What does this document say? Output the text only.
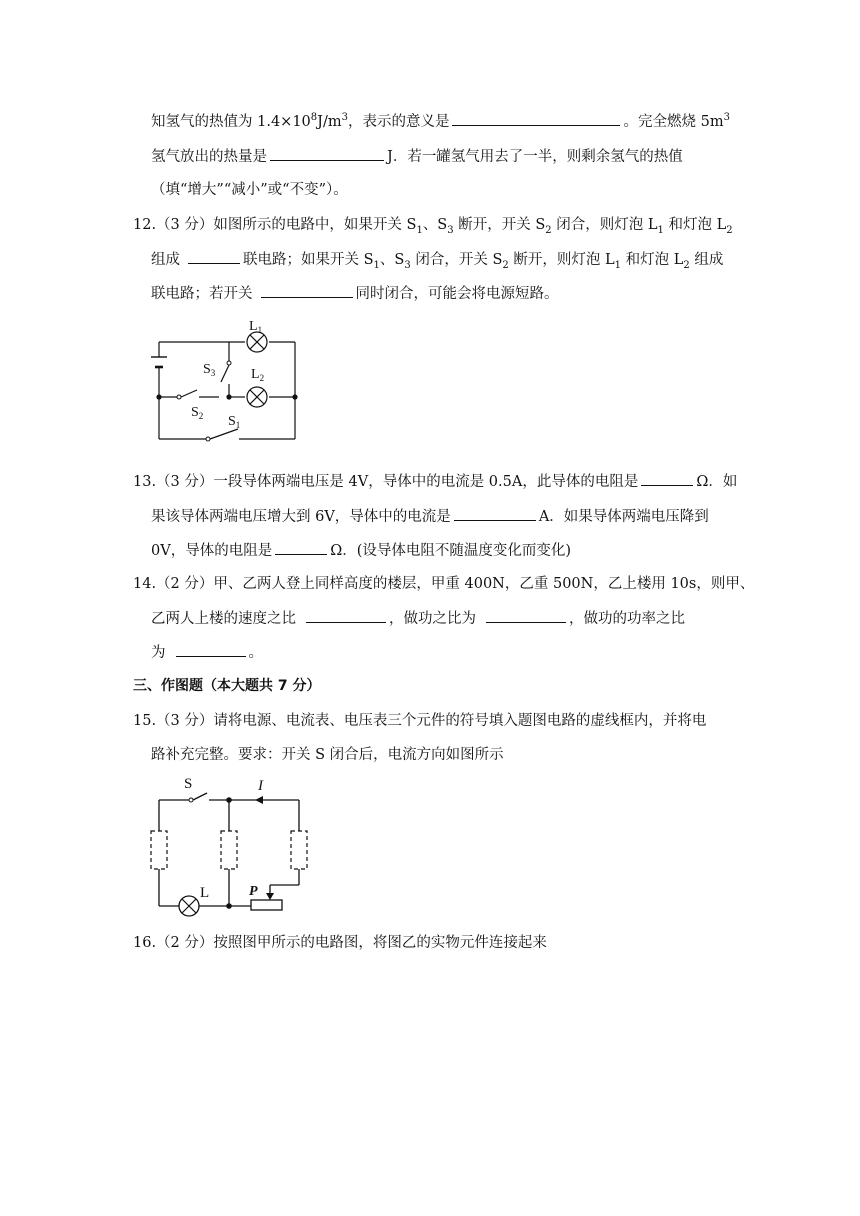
知氢气的热值为 $1.4\times 10^8J/m^3$，表示的意义是	。完全燃烧 $5m^3$
氢气放出的热量是	J．若一罐氢气用去了一半，则剩余氢气的热值
（填“增大”“减小”或“不变”）。
12.（3 分）如图所示的电路中，如果开关 $S_1$、$S_3$ 断开，开关 $S_2$ 闭合，则灯泡 $L_1$ 和灯泡 $L_2$
组成	联电路；如果开关 $S_1$、$S_3$ 闭合，开关 $S_2$ 断开，则灯泡 $L_1$ 和灯泡 $L_2$ 组成
联电路；若开关	同时闭合，可能会将电源短路。
$L_1$
$L_2$
$S_3$
$S_2$ $S_1$
13.（3 分）一段导体两端电压是 4V，导体中的电流是 0.5A，此导体的电阻是	Ω．如
果该导体两端电压增大到 6V，导体中的电流是	A．如果导体两端电压降到
0V，导体的电阻是	Ω．(设导体电阻不随温度变化而变化)
14.（2 分）甲、乙两人登上同样高度的楼层，甲重 400N，乙重 500N，乙上楼用 10s，则甲、
乙两人上楼的速度之比	，做功之比为	，做功的功率之比
为	。
三、作图题（本大题共 7 分）
15.（3 分）请将电源、电流表、电压表三个元件的符号填入题图电路的虚线框内，并将电
路补充完整。要求：开关 S 闭合后，电流方向如图所示
S	I
L	P
16.（2 分）按照图甲所示的电路图，将图乙的实物元件连接起来
